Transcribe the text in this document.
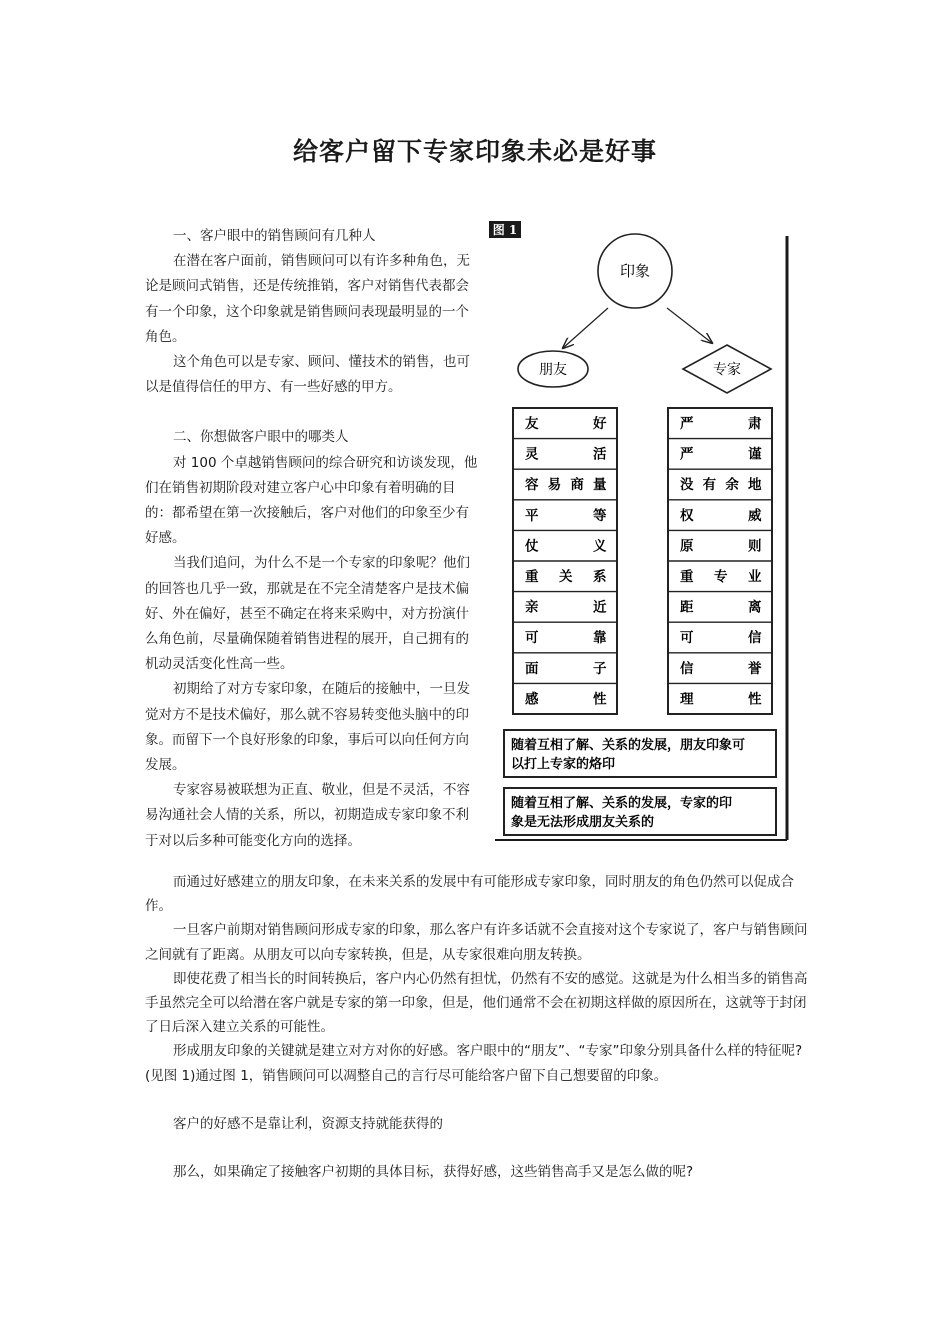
给客户留下专家印象未必是好事

一、客户眼中的销售顾问有几种人

在潜在客户面前，销售顾问可以有许多种角色，无论是顾问式销售，还是传统推销，客户对销售代表都会有一个印象，这个印象就是销售顾问表现最明显的一个角色。

这个角色可以是专家、顾问、懂技术的销售，也可以是值得信任的甲方、有一些好感的甲方。

二、你想做客户眼中的哪类人

对 100 个卓越销售顾问的综合研究和访谈发现，他们在销售初期阶段对建立客户心中印象有着明确的目的：都希望在第一次接触后，客户对他们的印象至少有好感。

当我们追问，为什么不是一个专家的印象呢？他们的回答也几乎一致，那就是在不完全清楚客户是技术偏好、外在偏好，甚至不确定在将来采购中，对方扮演什么角色前，尽量确保随着销售进程的展开，自己拥有的机动灵活变化性高一些。

初期给了对方专家印象，在随后的接触中，一旦发觉对方不是技术偏好，那么就不容易转变他头脑中的印象。而留下一个良好形象的印象，事后可以向任何方向发展。

专家容易被联想为正直、敬业，但是不灵活，不容易沟通社会人情的关系，所以，初期造成专家印象不利于对以后多种可能变化方向的选择。

图 1
印象
朋友	专家
友	好
灵	活
容 易 商 量
平	等
仗	义
重 关 系
亲	近
可	靠
面	子
感	性
严	肃
严	谨
没 有 余 地
权	威
原	则
重 专 业
距	离
可	信
信	誉
理	性
随着互相了解、关系的发展，朋友印象可
以打上专家的烙印
随着互相了解、关系的发展，专家的印
象是无法形成朋友关系的

而通过好感建立的朋友印象，在未来关系的发展中有可能形成专家印象，同时朋友的角色仍然可以促成合作。

一旦客户前期对销售顾问形成专家的印象，那么客户有许多话就不会直接对这个专家说了，客户与销售顾问之间就有了距离。从朋友可以向专家转换，但是，从专家很难向朋友转换。

即使花费了相当长的时间转换后，客户内心仍然有担忧，仍然有不安的感觉。这就是为什么相当多的销售高手虽然完全可以给潜在客户就是专家的第一印象，但是，他们通常不会在初期这样做的原因所在，这就等于封闭了日后深入建立关系的可能性。

形成朋友印象的关键就是建立对方对你的好感。客户眼中的“朋友”、“专家”印象分别具备什么样的特征呢?(见图 1)通过图 1，销售顾问可以凋整自己的言行尽可能给客户留下自己想要留的印象。

客户的好感不是靠让利，资源支持就能获得的

那么，如果确定了接触客户初期的具体目标，获得好感，这些销售高手又是怎么做的呢?
